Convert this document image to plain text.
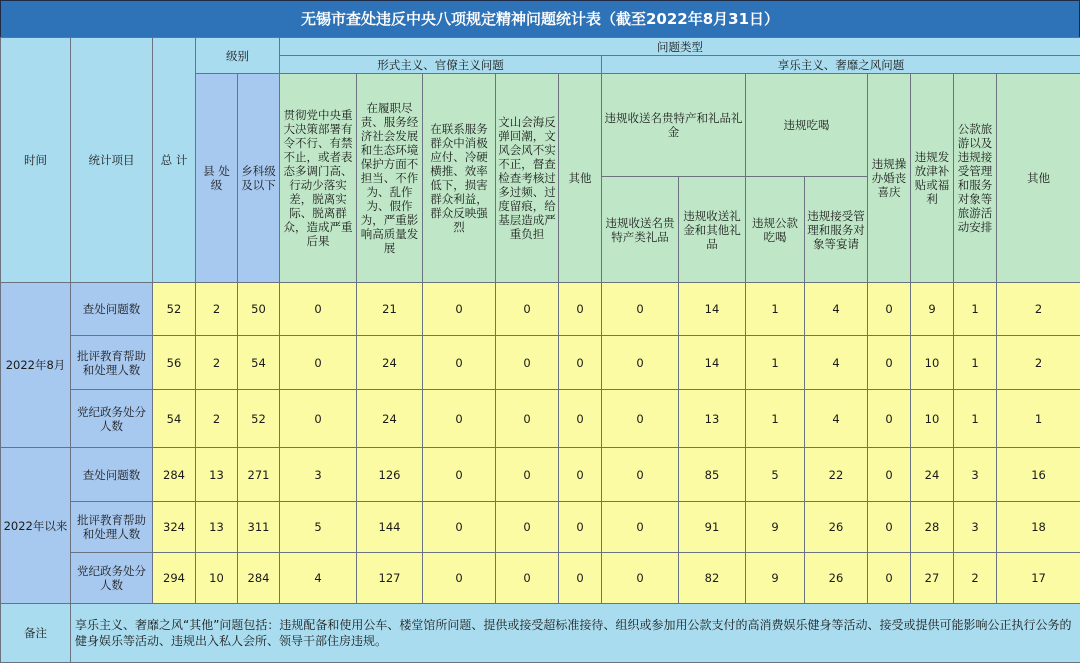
无锡市查处违反中央八项规定精神问题统计表（截至2022年8月31日）
时间	统计项目	总 计	级别		问题类型												
					形式主义、官僚主义问题					享乐主义、奢靡之风问题							
			县 处级	乡科级及以下	贯彻党中央重大决策部署有令不行、有禁不止，或者表态多调门高、行动少落实差，脱离实际、脱离群众，造成严重后果	在履职尽责、服务经济社会发展和生态环境保护方面不担当、不作为、乱作为、假作为，严重影响高质量发展	在联系服务群众中消极应付、冷硬横推、效率低下，损害群众利益，群众反映强烈	文山会海反弹回潮，文风会风不实不正，督查检查考核过多过频、过度留痕，给基层造成严重负担	其他	违规收送名贵特产和礼品礼金		违规吃喝		违规操办婚丧喜庆	违规发放津补贴或福利	公款旅游以及违规接受管理和服务对象等旅游活动安排	其他
										违规收送名贵特产类礼品	违规收送礼金和其他礼品	违规公款吃喝	违规接受管理和服务对象等宴请				
2022年8月	查处问题数	52	2	50	0	21	0	0	0	0	14	1	4	0	9	1	2
	批评教育帮助和处理人数	56	2	54	0	24	0	0	0	0	14	1	4	0	10	1	2
	党纪政务处分人数	54	2	52	0	24	0	0	0	0	13	1	4	0	10	1	1
2022年以来	查处问题数	284	13	271	3	126	0	0	0	0	85	5	22	0	24	3	16
	批评教育帮助和处理人数	324	13	311	5	144	0	0	0	0	91	9	26	0	28	3	18
	党纪政务处分人数	294	10	284	4	127	0	0	0	0	82	9	26	0	27	2	17
备注	享乐主义、奢靡之风“其他”问题包括：违规配备和使用公车、楼堂馆所问题、提供或接受超标准接待、组织或参加用公款支付的高消费娱乐健身等活动、接受或提供可能影响公正执行公务的健身娱乐等活动、违规出入私人会所、领导干部住房违规。																
